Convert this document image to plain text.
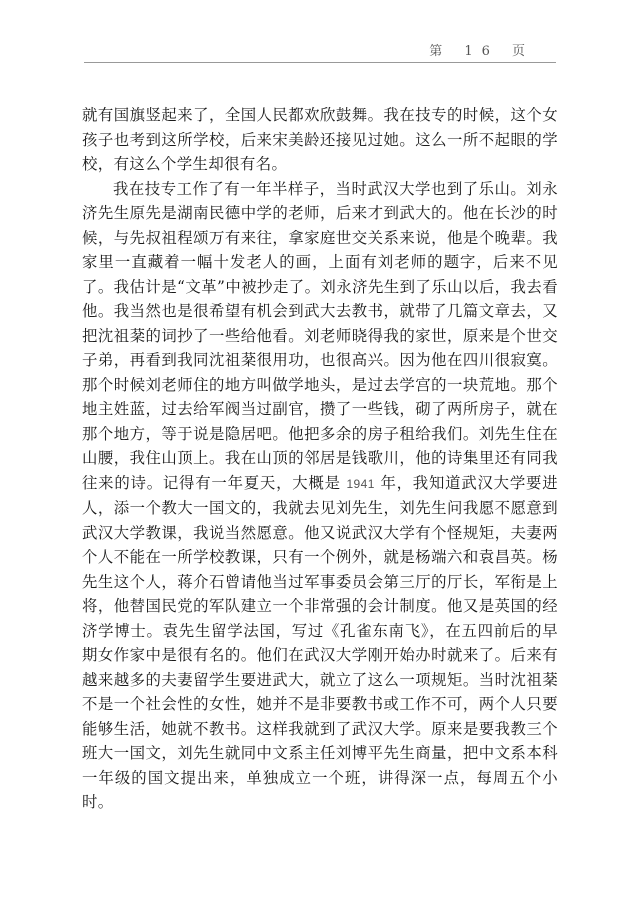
第 16 页

就有国旗竖起来了，全国人民都欢欣鼓舞。我在技专的时候，这个女孩子也考到这所学校，后来宋美龄还接见过她。这么一所不起眼的学校，有这么个学生却很有名。

我在技专工作了有一年半样子，当时武汉大学也到了乐山。刘永济先生原先是湖南民德中学的老师，后来才到武大的。他在长沙的时候，与先叔祖程颂万有来往，拿家庭世交关系来说，他是个晚辈。我家里一直藏着一幅十发老人的画，上面有刘老师的题字，后来不见了。我估计是“文革”中被抄走了。刘永济先生到了乐山以后，我去看他。我当然也是很希望有机会到武大去教书，就带了几篇文章去，又把沈祖棻的词抄了一些给他看。刘老师晓得我的家世，原来是个世交子弟，再看到我同沈祖棻很用功，也很高兴。因为他在四川很寂寞。那个时候刘老师住的地方叫做学地头，是过去学宫的一块荒地。那个地主姓蓝，过去给军阀当过副官，攒了一些钱，砌了两所房子，就在那个地方，等于说是隐居吧。他把多余的房子租给我们。刘先生住在山腰，我住山顶上。我在山顶的邻居是钱歌川，他的诗集里还有同我往来的诗。记得有一年夏天，大概是 1941 年，我知道武汉大学要进人，添一个教大一国文的，我就去见刘先生，刘先生问我愿不愿意到武汉大学教课，我说当然愿意。他又说武汉大学有个怪规矩，夫妻两个人不能在一所学校教课，只有一个例外，就是杨端六和袁昌英。杨先生这个人，蒋介石曾请他当过军事委员会第三厅的厅长，军衔是上将，他替国民党的军队建立一个非常强的会计制度。他又是英国的经济学博士。袁先生留学法国，写过《孔雀东南飞》，在五四前后的早期女作家中是很有名的。他们在武汉大学刚开始办时就来了。后来有越来越多的夫妻留学生要进武大，就立了这么一项规矩。当时沈祖棻不是一个社会性的女性，她并不是非要教书或工作不可，两个人只要能够生活，她就不教书。这样我就到了武汉大学。原来是要我教三个班大一国文，刘先生就同中文系主任刘博平先生商量，把中文系本科一年级的国文提出来，单独成立一个班，讲得深一点，每周五个小时。
